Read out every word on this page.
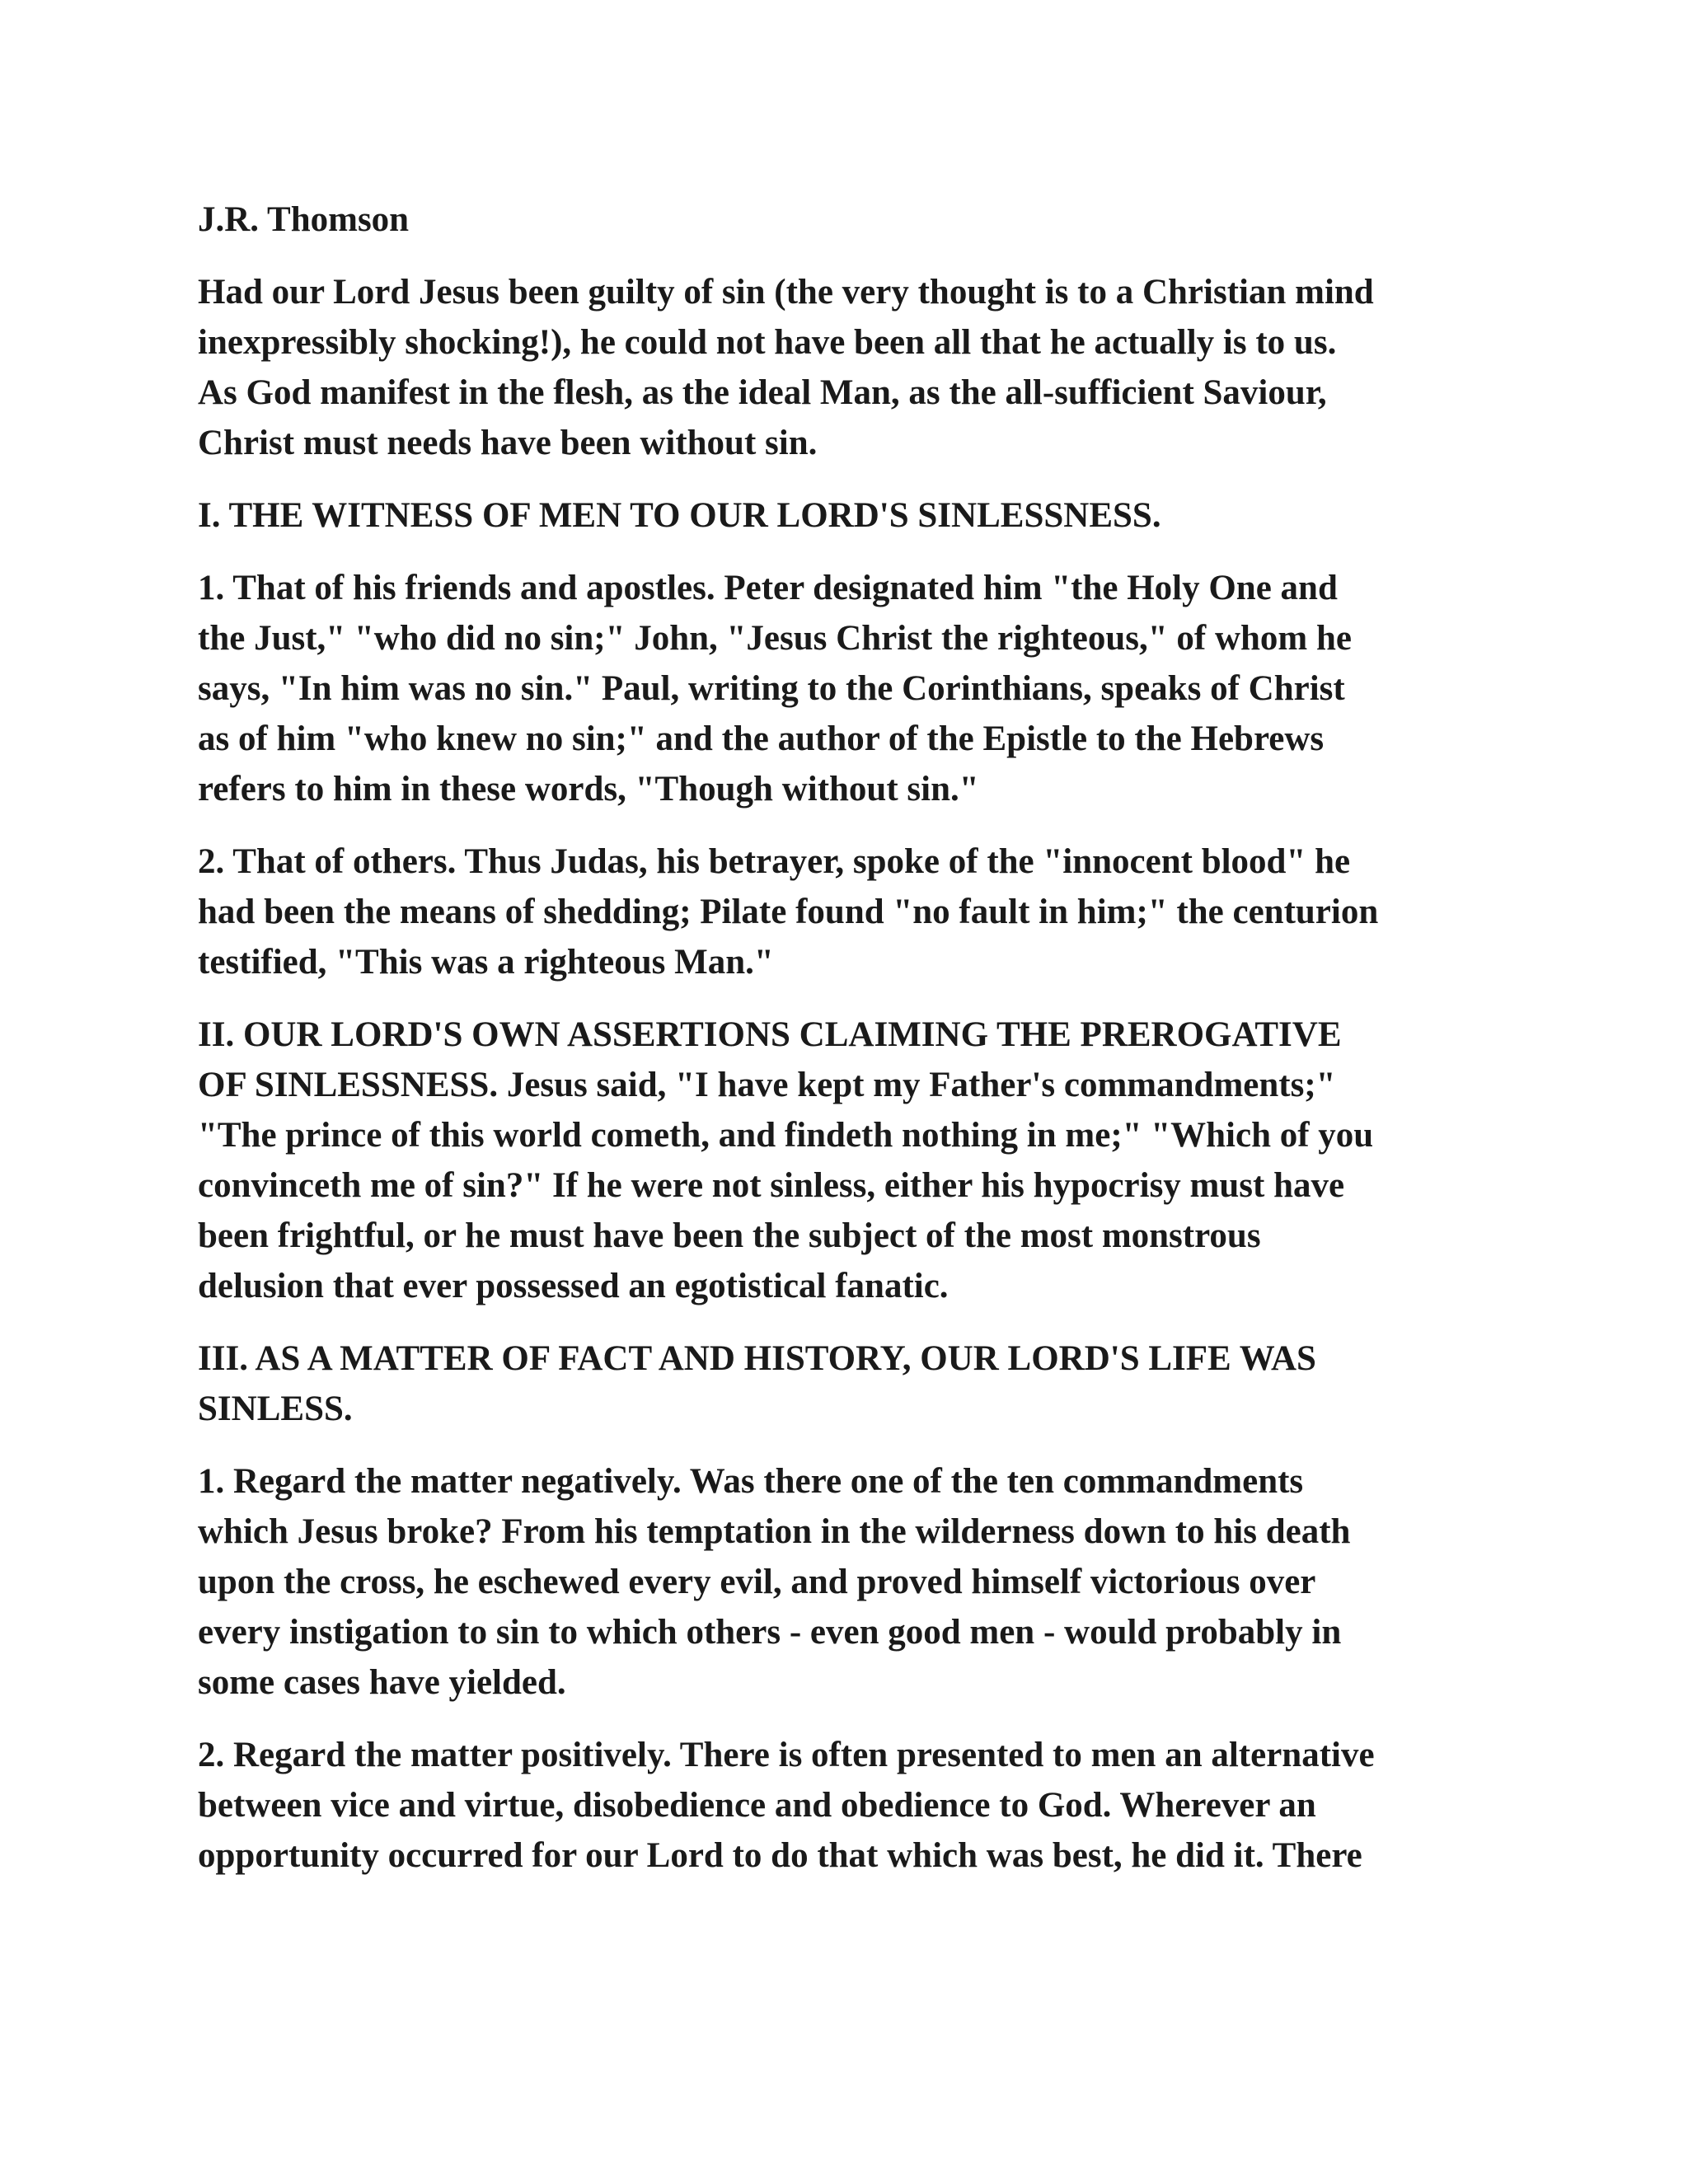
J.R. Thomson
Had our Lord Jesus been guilty of sin (the very thought is to a Christian mind
inexpressibly shocking!), he could not have been all that he actually is to us.
As God manifest in the flesh, as the ideal Man, as the all-sufficient Saviour,
Christ must needs have been without sin.
I. THE WITNESS OF MEN TO OUR LORD'S SINLESSNESS.
1. That of his friends and apostles. Peter designated him "the Holy One and
the Just," "who did no sin;" John, "Jesus Christ the righteous," of whom he
says, "In him was no sin." Paul, writing to the Corinthians, speaks of Christ
as of him "who knew no sin;" and the author of the Epistle to the Hebrews
refers to him in these words, "Though without sin."
2. That of others. Thus Judas, his betrayer, spoke of the "innocent blood" he
had been the means of shedding; Pilate found "no fault in him;" the centurion
testified, "This was a righteous Man."
II. OUR LORD'S OWN ASSERTIONS CLAIMING THE PREROGATIVE
OF SINLESSNESS. Jesus said, "I have kept my Father's commandments;"
"The prince of this world cometh, and findeth nothing in me;" "Which of you
convinceth me of sin?" If he were not sinless, either his hypocrisy must have
been frightful, or he must have been the subject of the most monstrous
delusion that ever possessed an egotistical fanatic.
III. AS A MATTER OF FACT AND HISTORY, OUR LORD'S LIFE WAS
SINLESS.
1. Regard the matter negatively. Was there one of the ten commandments
which Jesus broke? From his temptation in the wilderness down to his death
upon the cross, he eschewed every evil, and proved himself victorious over
every instigation to sin to which others - even good men - would probably in
some cases have yielded.
2. Regard the matter positively. There is often presented to men an alternative
between vice and virtue, disobedience and obedience to God. Wherever an
opportunity occurred for our Lord to do that which was best, he did it. There
